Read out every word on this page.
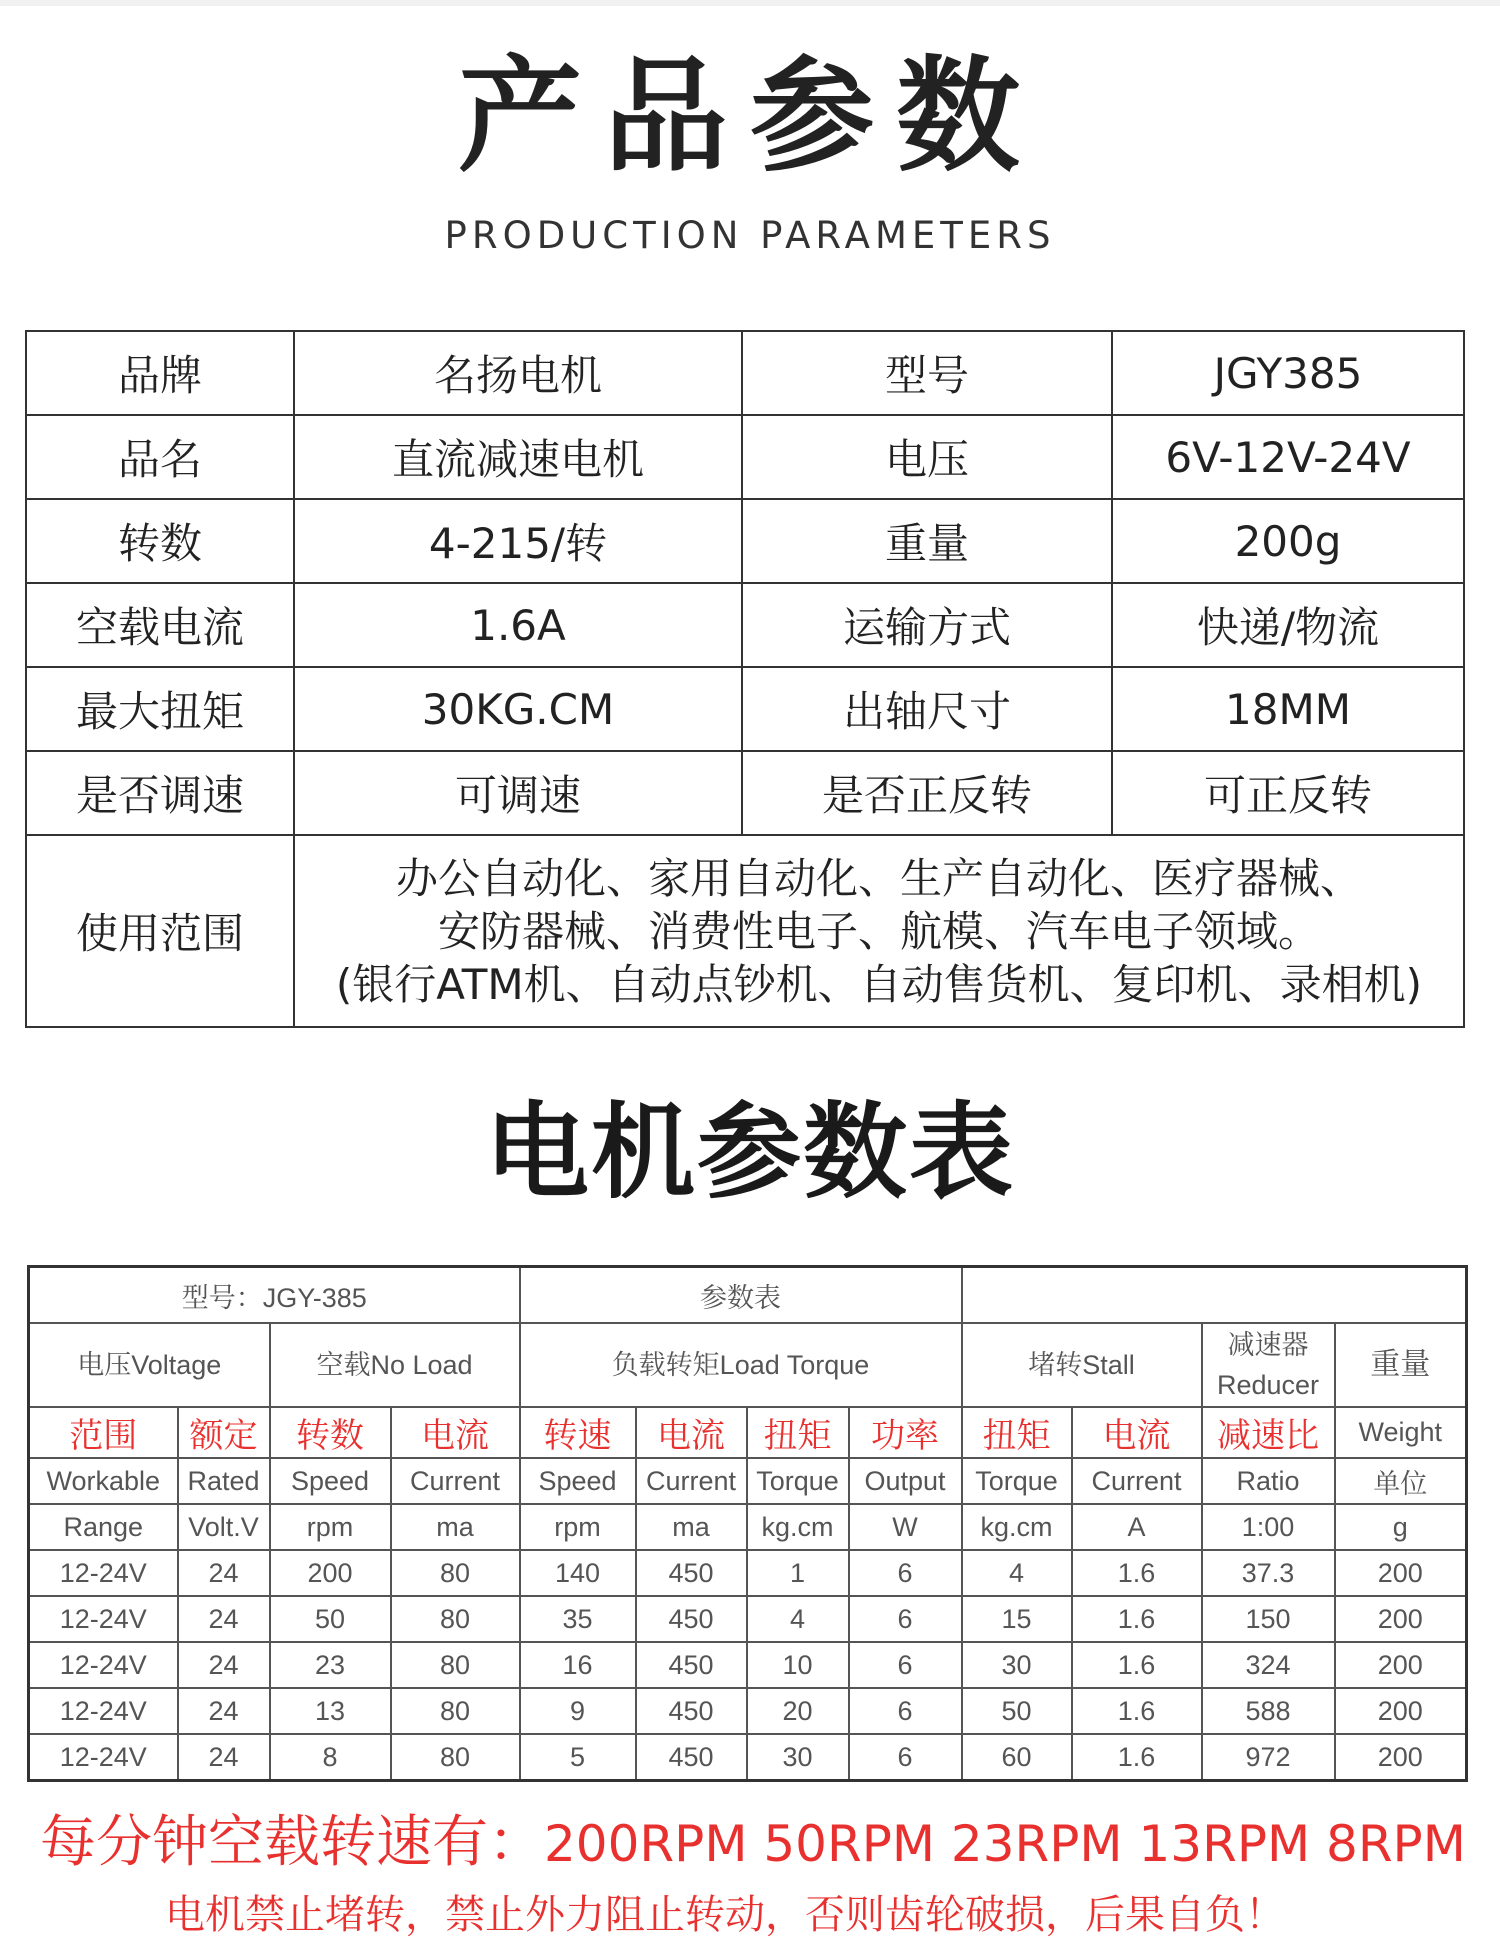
产品参数
PRODUCTION PARAMETERS
品牌	名扬电机	型号	JGY385
品名	直流减速电机	电压	6V-12V-24V
转数	4-215/转	重量	200g
空载电流	1.6A	运输方式	快递/物流
最大扭矩	30KG.CM	出轴尺寸	18MM
是否调速	可调速	是否正反转	可正反转
使用范围	办公自动化、家用自动化、生产自动化、医疗器械、
安防器械、消费性电子、航模、汽车电子领域。
(银行ATM机、自动点钞机、自动售货机、复印机、录相机)		
电机参数表
型号：JGY-385				参数表							
电压Voltage		空载No Load		负载转矩Load Torque				堵转Stall		减速器 Reducer	重量
范围	额定	转数	电流	转速	电流	扭矩	功率	扭矩	电流	减速比	Weight
Workable	Rated	Speed	Current	Speed	Current	Torque	Output	Torque	Current	Ratio	单位
Range	Volt.V	rpm	ma	rpm	ma	kg.cm	W	kg.cm	A	1:00	g
12-24V	24	200	80	140	450	1	6	4	1.6	37.3	200
12-24V	24	50	80	35	450	4	6	15	1.6	150	200
12-24V	24	23	80	16	450	10	6	30	1.6	324	200
12-24V	24	13	80	9	450	20	6	50	1.6	588	200
12-24V	24	8	80	5	450	30	6	60	1.6	972	200
每分钟空载转速有：200RPM 50RPM 23RPM 13RPM 8RPM
电机禁止堵转，禁止外力阻止转动，否则齿轮破损，后果自负！
